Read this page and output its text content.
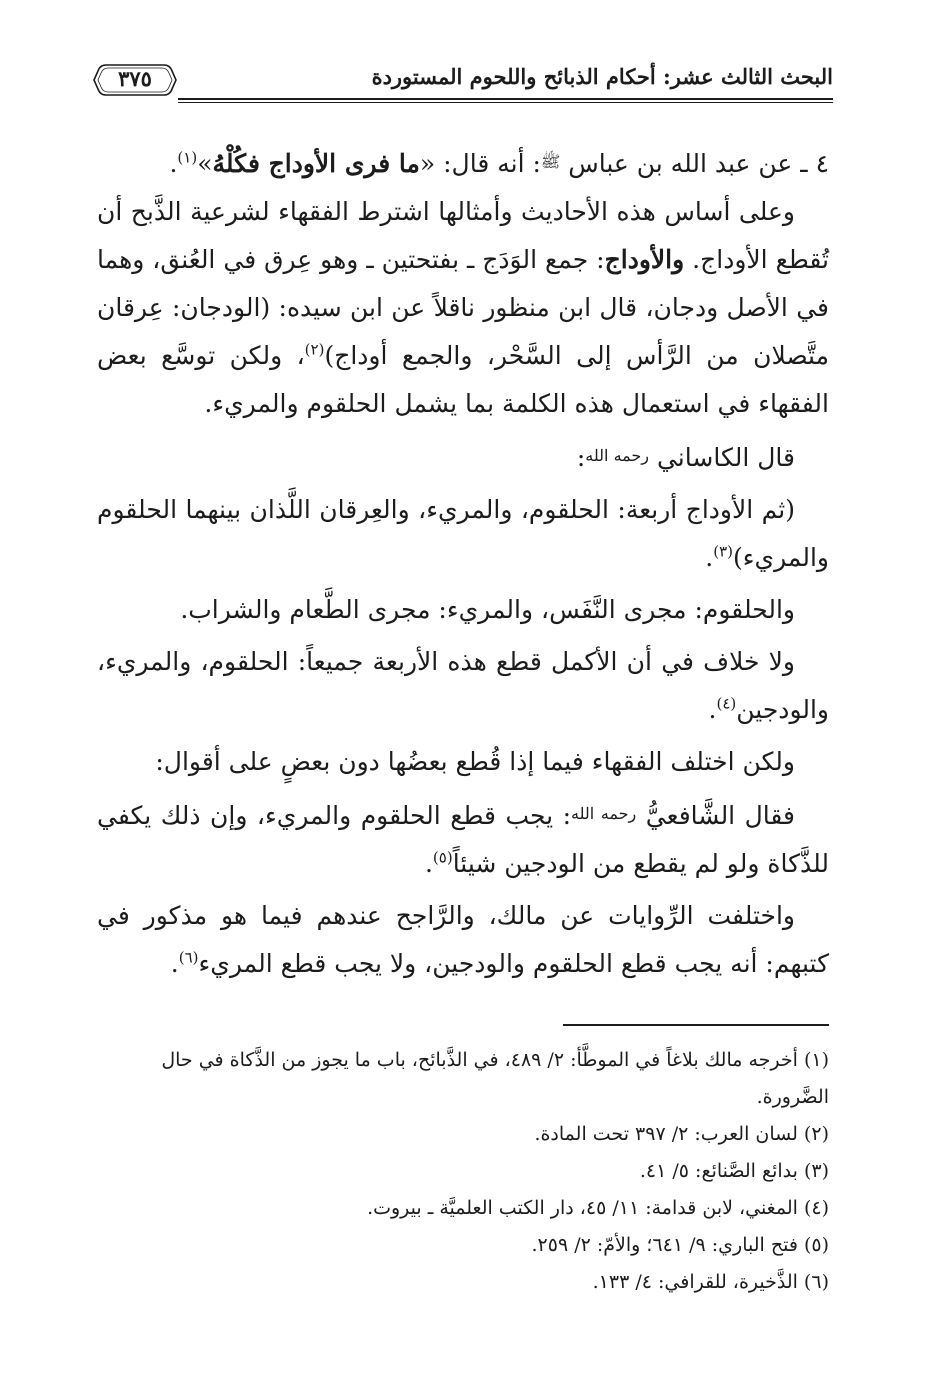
البحث الثالث عشر: أحكام الذبائح واللحوم المستوردة
٣٧٥

٤ ـ عن عبد الله بن عباس $^ﷺ$: أنه قال: «ما فرى الأوداج فكُلْهُ»$^{(١)}$.

وعلى أساس هذه الأحاديث وأمثالها اشترط الفقهاء لشرعية الذَّبح أن تُقطع الأوداج. والأوداج: جمع الوَدَج ـ بفتحتين ـ وهو عِرق في العُنق، وهما في الأصل ودجان، قال ابن منظور ناقلاً عن ابن سيده: (الودجان: عِرقان متَّصلان من الرَّأس إلى السَّحْر، والجمع أوداج)$^{(٢)}$، ولكن توسَّع بعض الفقهاء في استعمال هذه الكلمة بما يشمل الحلقوم والمريء.

قال الكاساني $^{رحمه الله}$:

(ثم الأوداج أربعة: الحلقوم، والمريء، والعِرقان اللَّذان بينهما الحلقوم والمريء)$^{(٣)}$.

والحلقوم: مجرى النَّفَس، والمريء: مجرى الطَّعام والشراب.

ولا خلاف في أن الأكمل قطع هذه الأربعة جميعاً: الحلقوم، والمريء، والودجين$^{(٤)}$.

ولكن اختلف الفقهاء فيما إذا قُطع بعضُها دون بعضٍ على أقوال:

فقال الشَّافعيُّ $^{رحمه الله}$: يجب قطع الحلقوم والمريء، وإن ذلك يكفي للذَّكاة ولو لم يقطع من الودجين شيئاً$^{(٥)}$.

واختلفت الرِّوايات عن مالك، والرَّاجح عندهم فيما هو مذكور في كتبهم: أنه يجب قطع الحلقوم والودجين، ولا يجب قطع المريء$^{(٦)}$.

(١) أخرجه مالك بلاغاً في الموطَّأ: ٢/ ٤٨٩، في الذَّبائح، باب ما يجوز من الذَّكاة في حال الضَّرورة.

(٢) لسان العرب: ٢/ ٣٩٧ تحت المادة.

(٣) بدائع الصَّنائع: ٥/ ٤١.

(٤) المغني، لابن قدامة: ١١/ ٤٥، دار الكتب العلميَّة ـ بيروت.

(٥) فتح الباري: ٩/ ٦٤١؛ والأمّ: ٢/ ٢٥٩.

(٦) الذَّخيرة، للقرافي: ٤/ ١٣٣.
